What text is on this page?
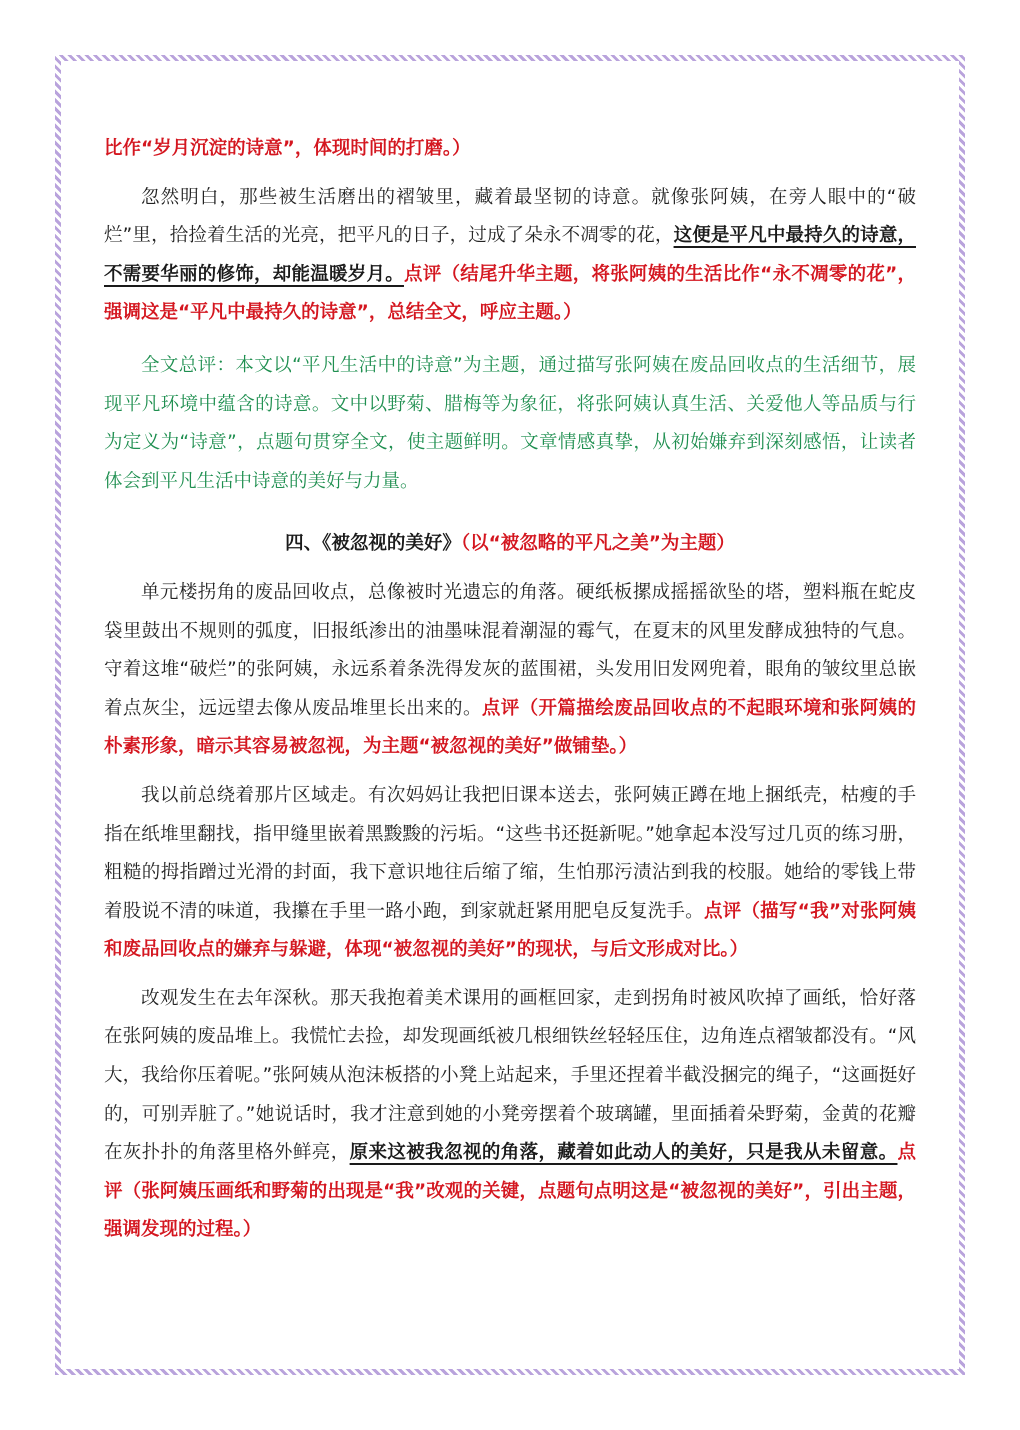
比作“岁月沉淀的诗意”，体现时间的打磨。）

忽然明白，那些被生活磨出的褶皱里，藏着最坚韧的诗意。就像张阿姨，在旁人眼中的“破烂”里，拾捡着生活的光亮，把平凡的日子，过成了朵永不凋零的花，这便是平凡中最持久的诗意，不需要华丽的修饰，却能温暖岁月。点评（结尾升华主题，将张阿姨的生活比作“永不凋零的花”，强调这是“平凡中最持久的诗意”，总结全文，呼应主题。）

全文总评：本文以“平凡生活中的诗意”为主题，通过描写张阿姨在废品回收点的生活细节，展现平凡环境中蕴含的诗意。文中以野菊、腊梅等为象征，将张阿姨认真生活、关爱他人等品质与行为定义为“诗意”，点题句贯穿全文，使主题鲜明。文章情感真挚，从初始嫌弃到深刻感悟，让读者体会到平凡生活中诗意的美好与力量。

四、《被忽视的美好》（以“被忽略的平凡之美”为主题）

单元楼拐角的废品回收点，总像被时光遗忘的角落。硬纸板摞成摇摇欲坠的塔，塑料瓶在蛇皮袋里鼓出不规则的弧度，旧报纸渗出的油墨味混着潮湿的霉气，在夏末的风里发酵成独特的气息。守着这堆“破烂”的张阿姨，永远系着条洗得发灰的蓝围裙，头发用旧发网兜着，眼角的皱纹里总嵌着点灰尘，远远望去像从废品堆里长出来的。点评（开篇描绘废品回收点的不起眼环境和张阿姨的朴素形象，暗示其容易被忽视，为主题“被忽视的美好”做铺垫。）

我以前总绕着那片区域走。有次妈妈让我把旧课本送去，张阿姨正蹲在地上捆纸壳，枯瘦的手指在纸堆里翻找，指甲缝里嵌着黑黢黢的污垢。“这些书还挺新呢。”她拿起本没写过几页的练习册，粗糙的拇指蹭过光滑的封面，我下意识地往后缩了缩，生怕那污渍沾到我的校服。她给的零钱上带着股说不清的味道，我攥在手里一路小跑，到家就赶紧用肥皂反复洗手。点评（描写“我”对张阿姨和废品回收点的嫌弃与躲避，体现“被忽视的美好”的现状，与后文形成对比。）

改观发生在去年深秋。那天我抱着美术课用的画框回家，走到拐角时被风吹掉了画纸，恰好落在张阿姨的废品堆上。我慌忙去捡，却发现画纸被几根细铁丝轻轻压住，边角连点褶皱都没有。“风大，我给你压着呢。”张阿姨从泡沫板搭的小凳上站起来，手里还捏着半截没捆完的绳子，“这画挺好的，可别弄脏了。”她说话时，我才注意到她的小凳旁摆着个玻璃罐，里面插着朵野菊，金黄的花瓣在灰扑扑的角落里格外鲜亮，原来这被我忽视的角落，藏着如此动人的美好，只是我从未留意。点评（张阿姨压画纸和野菊的出现是“我”改观的关键，点题句点明这是“被忽视的美好”，引出主题，强调发现的过程。）
